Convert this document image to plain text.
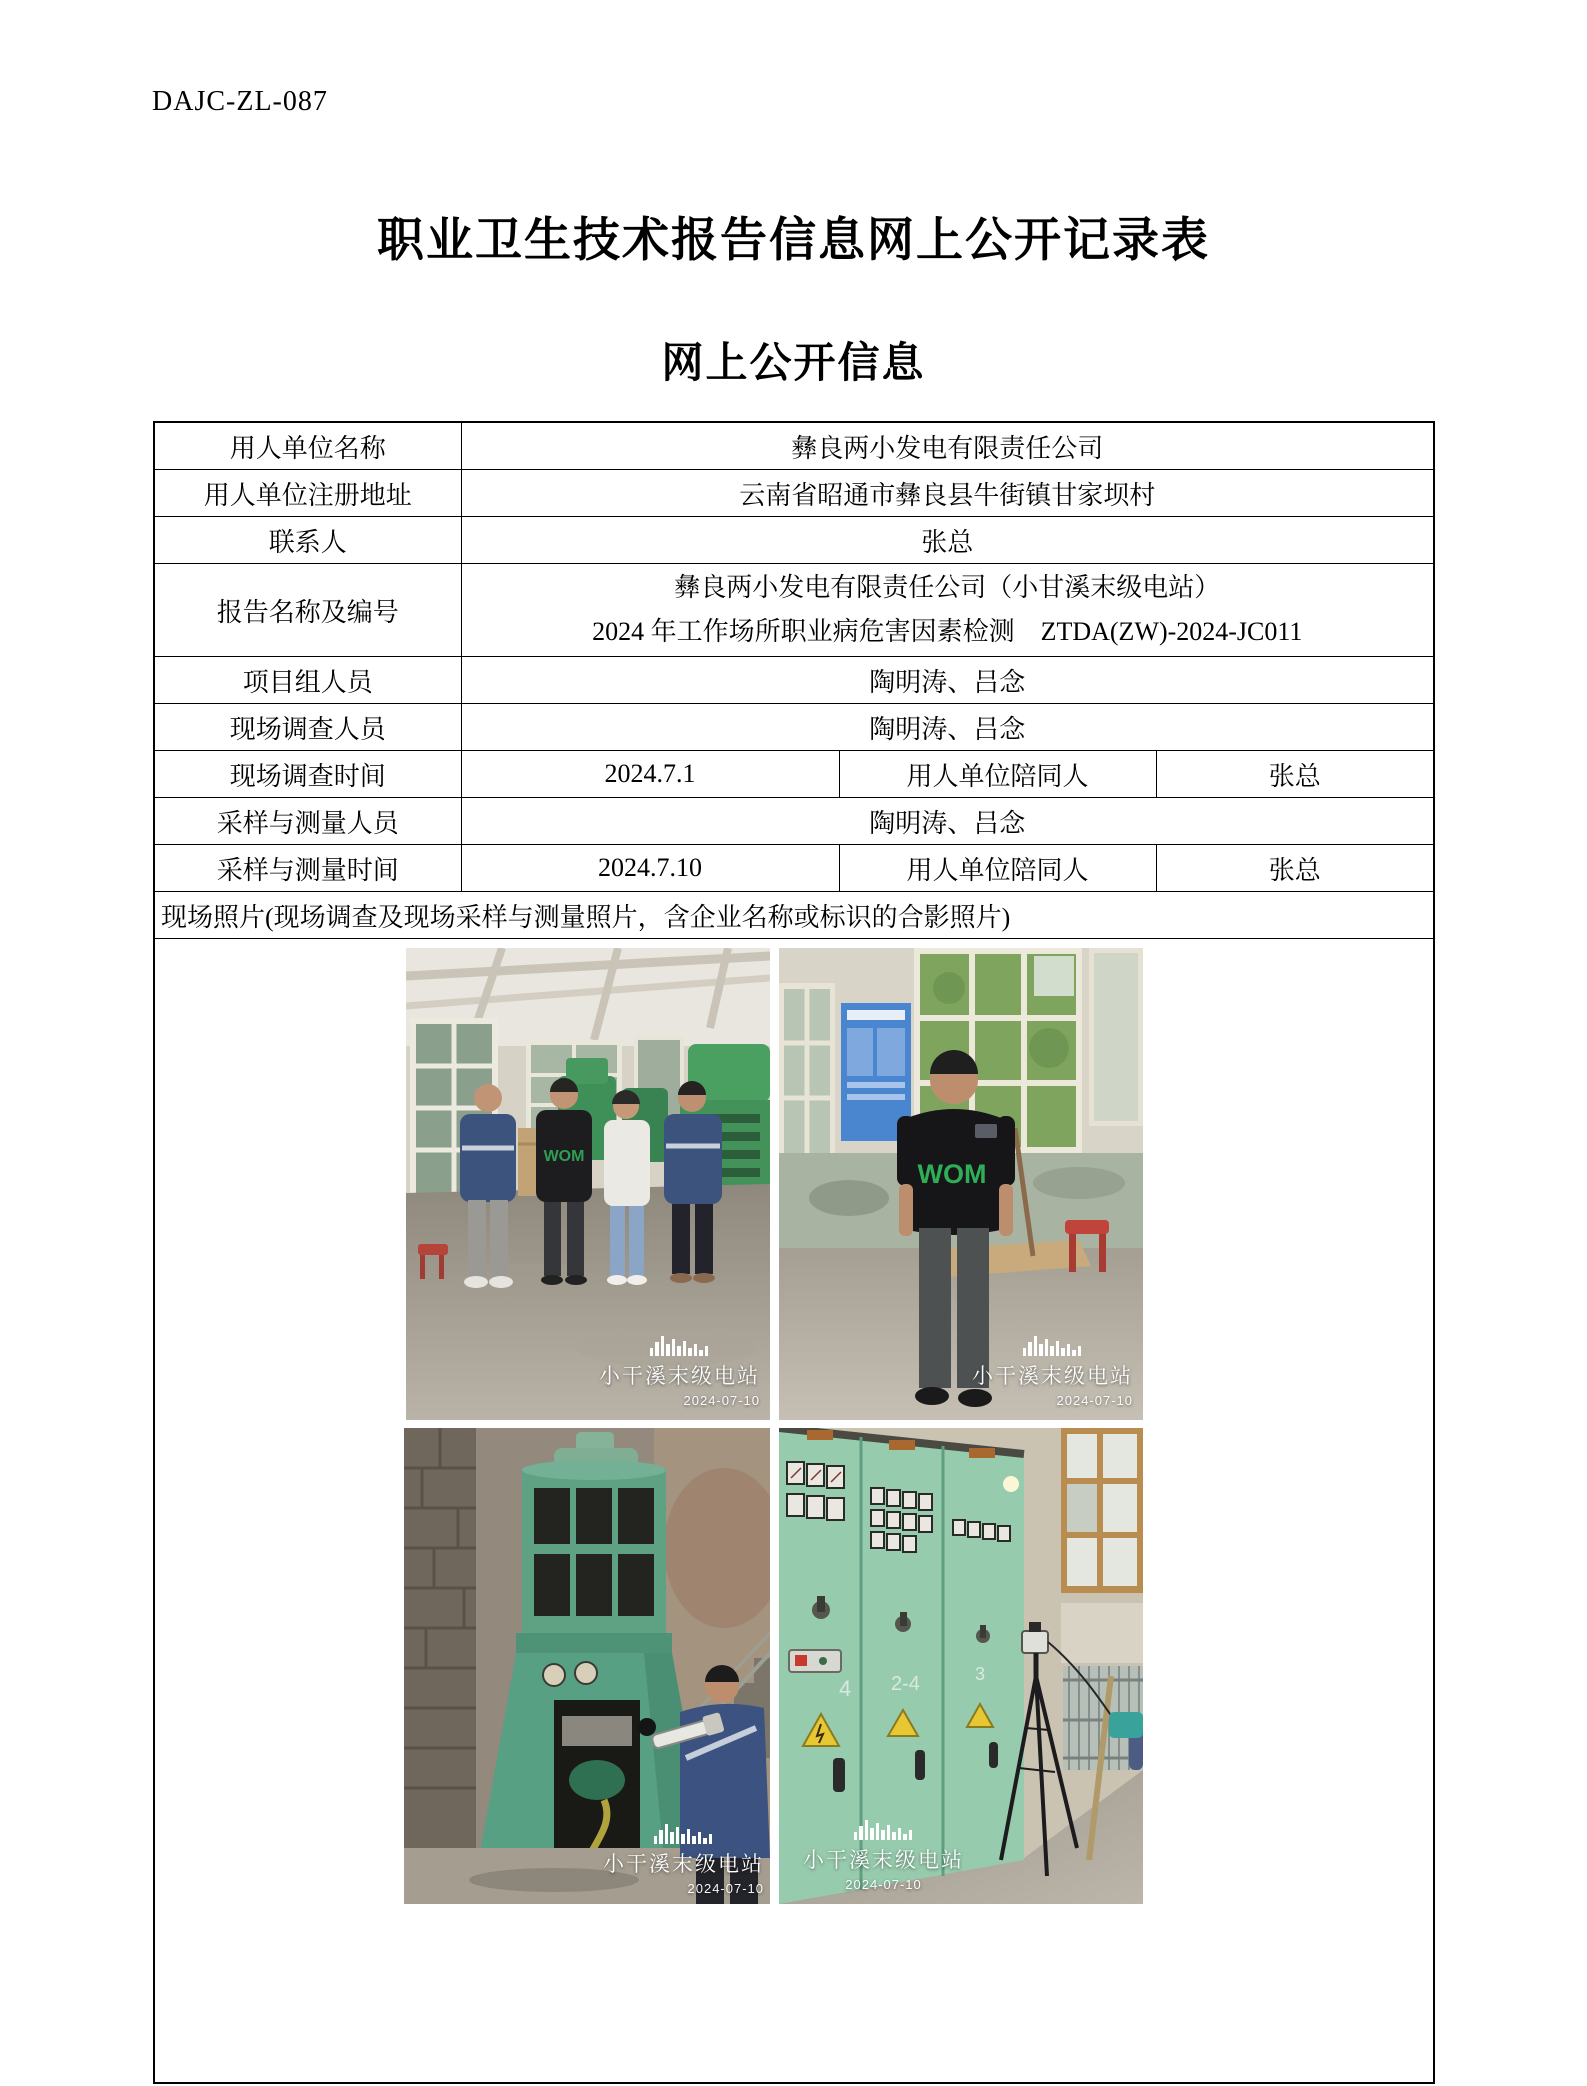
DAJC-ZL-087
职业卫生技术报告信息网上公开记录表
网上公开信息
用人单位名称	彝良两小发电有限责任公司		
用人单位注册地址	云南省昭通市彝良县牛街镇甘家坝村		
联系人	张总		
报告名称及编号	彝良两小发电有限责任公司（小甘溪末级电站）
2024 年工作场所职业病危害因素检测　ZTDA(ZW)-2024-JC011		

项目组人员	陶明涛、吕念		
现场调查人员	陶明涛、吕念		
现场调查时间	2024.7.1	用人单位陪同人	张总
采样与测量人员	陶明涛、吕念		
采样与测量时间	2024.7.10	用人单位陪同人	张总
现场照片(现场调查及现场采样与测量照片，含企业名称或标识的合影照片)			

WOM
小干溪末级电站
2024-07-10
WOM
小干溪末级电站
2024-07-10
小干溪末级电站
2024-07-10
4 2-4	3
小干溪末级电站
2024-07-10
